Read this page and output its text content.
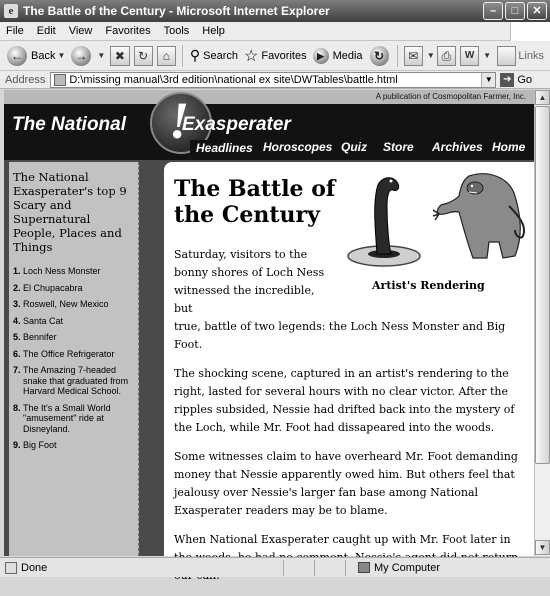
e The Battle of the Century - Microsoft Internet Explorer	–	□	✕
File Edit View Favorites Tools Help
← Back ▼ →	▼ ✖	↻	⌂	⚲ Search ☆ Favorites	▶ Media ↻	✉	▼ ⎙	W	▼ Links
Address D:\missing manual\3rd edition\national ex site\DWTables\battle.html	▼ ➔ Go
A publication of Cosmopolitan Farmer, Inc.
!
The National	Exasperater
Headlines Horoscopes Quiz Store Archives Home
The National Exasperater's top 9 Scary and Supernatural People, Places and Things
1. Loch Ness Monster
2. El Chupacabra
3. Roswell, New Mexico
4. Santa Cat
5. Bennifer
6. The Office Refrigerator
7. The Amazing 7-headed snake that graduated from Harvard Medical School.
8. The It's a Small World "amusement" ride at Disneyland.
9. Big Foot
The Battle of the Century
Artist's Rendering

Saturday, visitors to the bonny shores of Loch Ness witnessed the incredible, but
true, battle of two legends: the Loch Ness Monster and Big Foot.

The shocking scene, captured in an artist's rendering to the right, lasted for several hours with no clear victor. After the ripples subsided, Nessie had drifted back into the mystery of the Loch, while Mr. Foot had dissapeared into the woods.

Some witnesses claim to have overheard Mr. Foot demanding money that Nessie apparently owed him. But others feel that jealousy over Nessie's larger fan base among National Exasperater readers may be to blame.

When National Exasperater caught up with Mr. Foot later in

▲
▼
Done	My Computer
